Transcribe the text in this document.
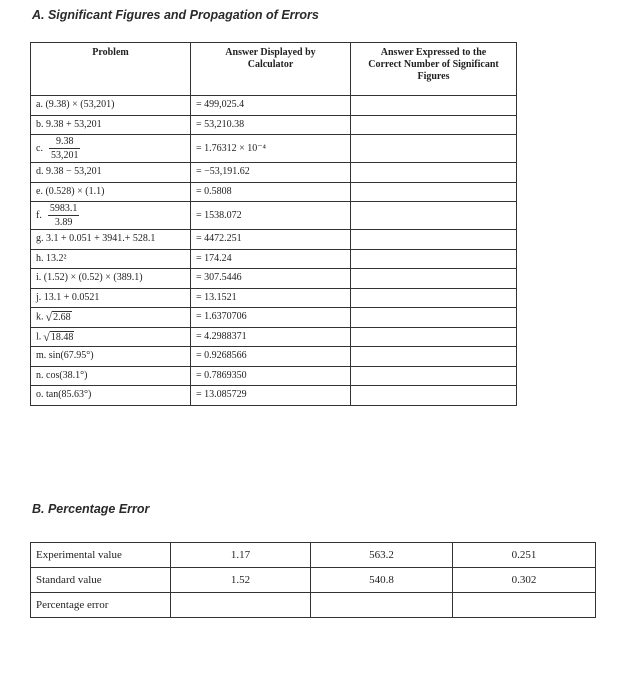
A. Significant Figures and Propagation of Errors
Problem	Answer Displayed by Calculator	Answer Expressed to the Correct Number of Significant Figures
a. (9.38) × (53,201)	= 499,025.4	
b. 9.38 + 53,201	= 53,210.38	
c. $\frac{9.38}{53,201}$	= 1.76312 × 10⁻⁴	
d. 9.38 − 53,201	= −53,191.62	
e. (0.528) × (1.1)	= 0.5808	
f. $\frac{5983.1}{3.89}$	= 1538.072	
g. 3.1 + 0.051 + 3941.+ 528.1	= 4472.251	
h. 13.2²	= 174.24	
i. (1.52) × (0.52) × (389.1)	= 307.5446	
j. 13.1 + 0.0521	= 13.1521	
k. √2.68	= 1.6370706	
l. √18.48	= 4.2988371	
m. sin(67.95°)	= 0.9268566	
n. cos(38.1°)	= 0.7869350	
o. tan(85.63°)	= 13.085729	
B. Percentage Error
Experimental value	1.17	563.2	0.251
Standard value	1.52	540.8	0.302
Percentage error			
